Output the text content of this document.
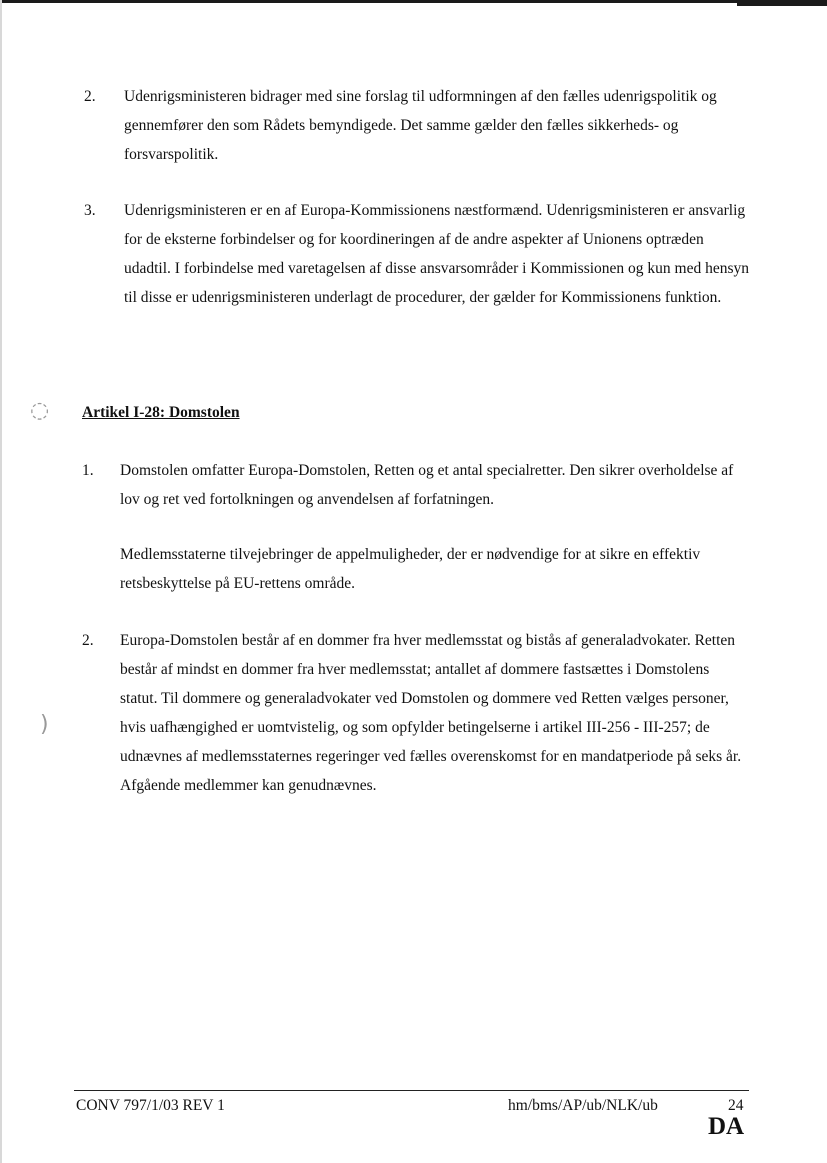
2. Udenrigsministeren bidrager med sine forslag til udformningen af den fælles udenrigspolitik og gennemfører den som Rådets bemyndigede. Det samme gælder den fælles sikkerheds- og forsvarspolitik.
3. Udenrigsministeren er en af Europa-Kommissionens næstformænd. Udenrigsministeren er ansvarlig for de eksterne forbindelser og for koordineringen af de andre aspekter af Unionens optræden udadtil. I forbindelse med varetagelsen af disse ansvarsområder i Kommissionen og kun med hensyn til disse er udenrigsministeren underlagt de procedurer, der gælder for Kommissionens funktion.
◌
)
Artikel I-28: Domstolen
1. Domstolen omfatter Europa-Domstolen, Retten og et antal specialretter. Den sikrer overholdelse af lov og ret ved fortolkningen og anvendelsen af forfatningen.
Medlemsstaterne tilvejebringer de appelmuligheder, der er nødvendige for at sikre en effektiv retsbeskyttelse på EU-rettens område.
2. Europa-Domstolen består af en dommer fra hver medlemsstat og bistås af generaladvokater. Retten består af mindst en dommer fra hver medlemsstat; antallet af dommere fastsættes i Domstolens statut. Til dommere og generaladvokater ved Domstolen og dommere ved Retten vælges personer, hvis uafhængighed er uomtvistelig, og som opfylder betingelserne i artikel III-256 - III-257; de udnævnes af medlemsstaternes regeringer ved fælles overenskomst for en mandatperiode på seks år. Afgående medlemmer kan genudnævnes.
CONV 797/1/03 REV 1	hm/bms/AP/ub/NLK/ub	24
DA
